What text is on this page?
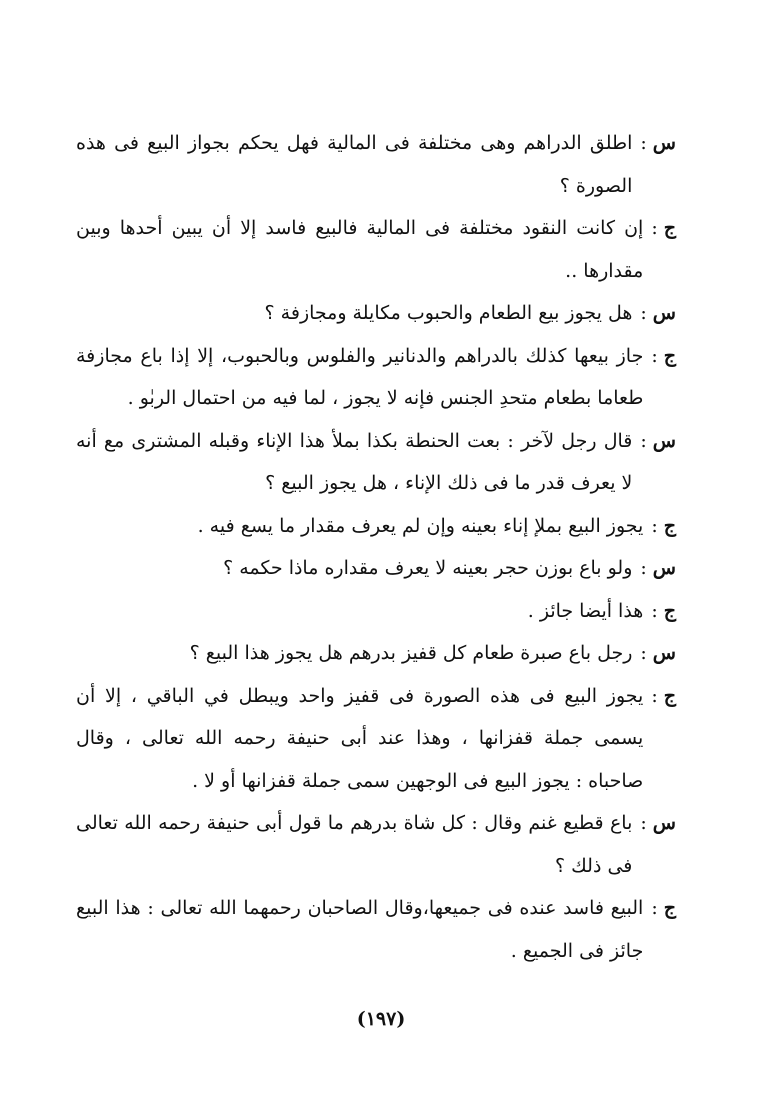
س:
اطلق الدراهم وهى مختلفة فى المالية فهل يحكم بجواز البيع فى هذه الصورة ؟
ج:
إن كانت النقود مختلفة فى المالية فالبيع فاسد إلا أن يبين أحدها وبين مقدارها ..
س:
هل يجوز بيع الطعام والحبوب مكايلة ومجازفة ؟
ج:
جاز بيعها كذلك بالدراهم والدنانير والفلوس وبالحبوب، إلا إذا باع مجازفة طعاما بطعام متحدِ الجنس فإنه لا يجوز ، لما فيه من احتمال الربٰو .
س:
قال رجل لآخر : بعت الحنطة بكذا بملأ هذا الإناء وقبله المشترى مع أنه لا يعرف قدر ما فى ذلك الإناء ، هل يجوز البيع ؟
ج:
يجوز البيع بملإ إناء بعينه وإن لم يعرف مقدار ما يسع فيه .
س:
ولو باع بوزن حجر بعينه لا يعرف مقداره ماذا حكمه ؟
ج:
هذا أيضا جائز .
س:
رجل باع صبرة طعام كل قفيز بدرهم هل يجوز هذا البيع ؟
ج:
يجوز البيع فى هذه الصورة فى قفيز واحد ويبطل في الباقي ، إلا أن يسمى جملة قفزانها ، وهذا عند أبى حنيفة رحمه الله تعالى ، وقال صاحباه : يجوز البيع فى الوجهين سمى جملة قفزانها أو لا .
س:
باع قطيع غنم وقال : كل شاة بدرهم ما قول أبى حنيفة رحمه الله تعالى فى ذلك ؟
ج:
البيع فاسد عنده فى جميعها،وقال الصاحبان رحمهما الله تعالى : هذا البيع جائز فى الجميع .
(١٩٧)
